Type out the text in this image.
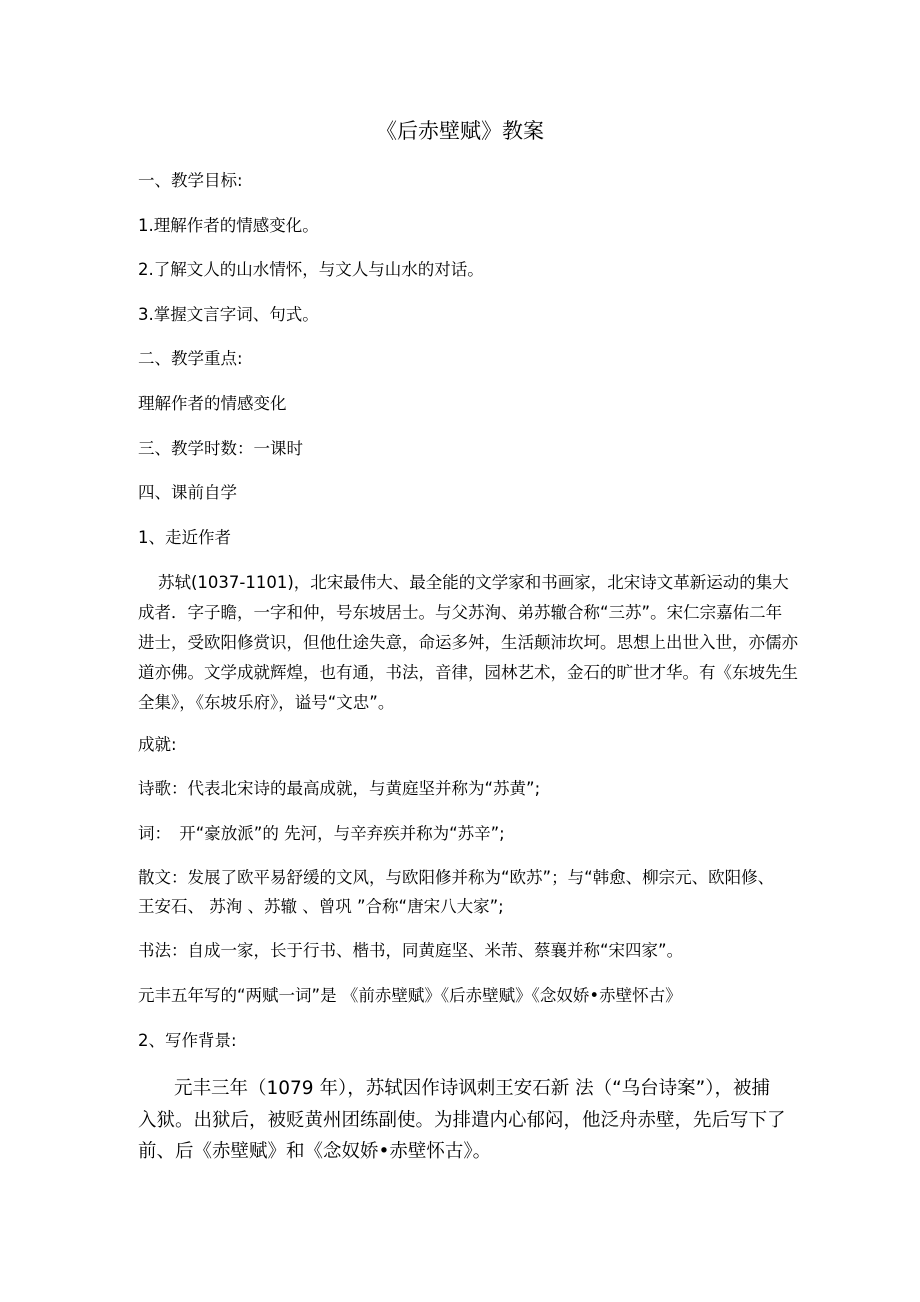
《后赤壁赋》教案

一、教学目标:

1.理解作者的情感变化。

2.了解文人的山水情怀，与文人与山水的对话。

3.掌握文言字词、句式。

二、教学重点:

理解作者的情感变化

三、教学时数：一课时

四、课前自学

1、走近作者

苏轼(1037-1101)，北宋最伟大、最全能的文学家和书画家，北宋诗文革新运动的集大成者．字子瞻，一字和仲，号东坡居士。与父苏洵、弟苏辙合称“三苏”。宋仁宗嘉佑二年进士，受欧阳修赏识，但他仕途失意，命运多舛，生活颠沛坎坷。思想上出世入世，亦儒亦道亦佛。文学成就辉煌，也有通，书法，音律，园林艺术，金石的旷世才华。有《东坡先生全集》，《东坡乐府》，谥号“文忠”。

成就:

诗歌：代表北宋诗的最高成就，与黄庭坚并称为“苏黄”;

词：　开“豪放派”的 先河，与辛弃疾并称为“苏辛”;

散文：发展了欧平易舒缓的文风，与欧阳修并称为“欧苏”；与“韩愈、柳宗元、欧阳修、

王安石、 苏洵 、苏辙 、曾巩 ”合称“唐宋八大家”;

书法：自成一家，长于行书、楷书，同黄庭坚、米芾、蔡襄并称“宋四家”。

元丰五年写的“两赋一词”是 《前赤壁赋》《后赤壁赋》《念奴娇•赤壁怀古》

2、写作背景:

元丰三年（1079 年），苏轼因作诗讽刺王安石新 法（“乌台诗案”），被捕入狱。出狱后，被贬黄州团练副使。为排遣内心郁闷，他泛舟赤壁，先后写下了前、后《赤壁赋》和《念奴娇•赤壁怀古》。
